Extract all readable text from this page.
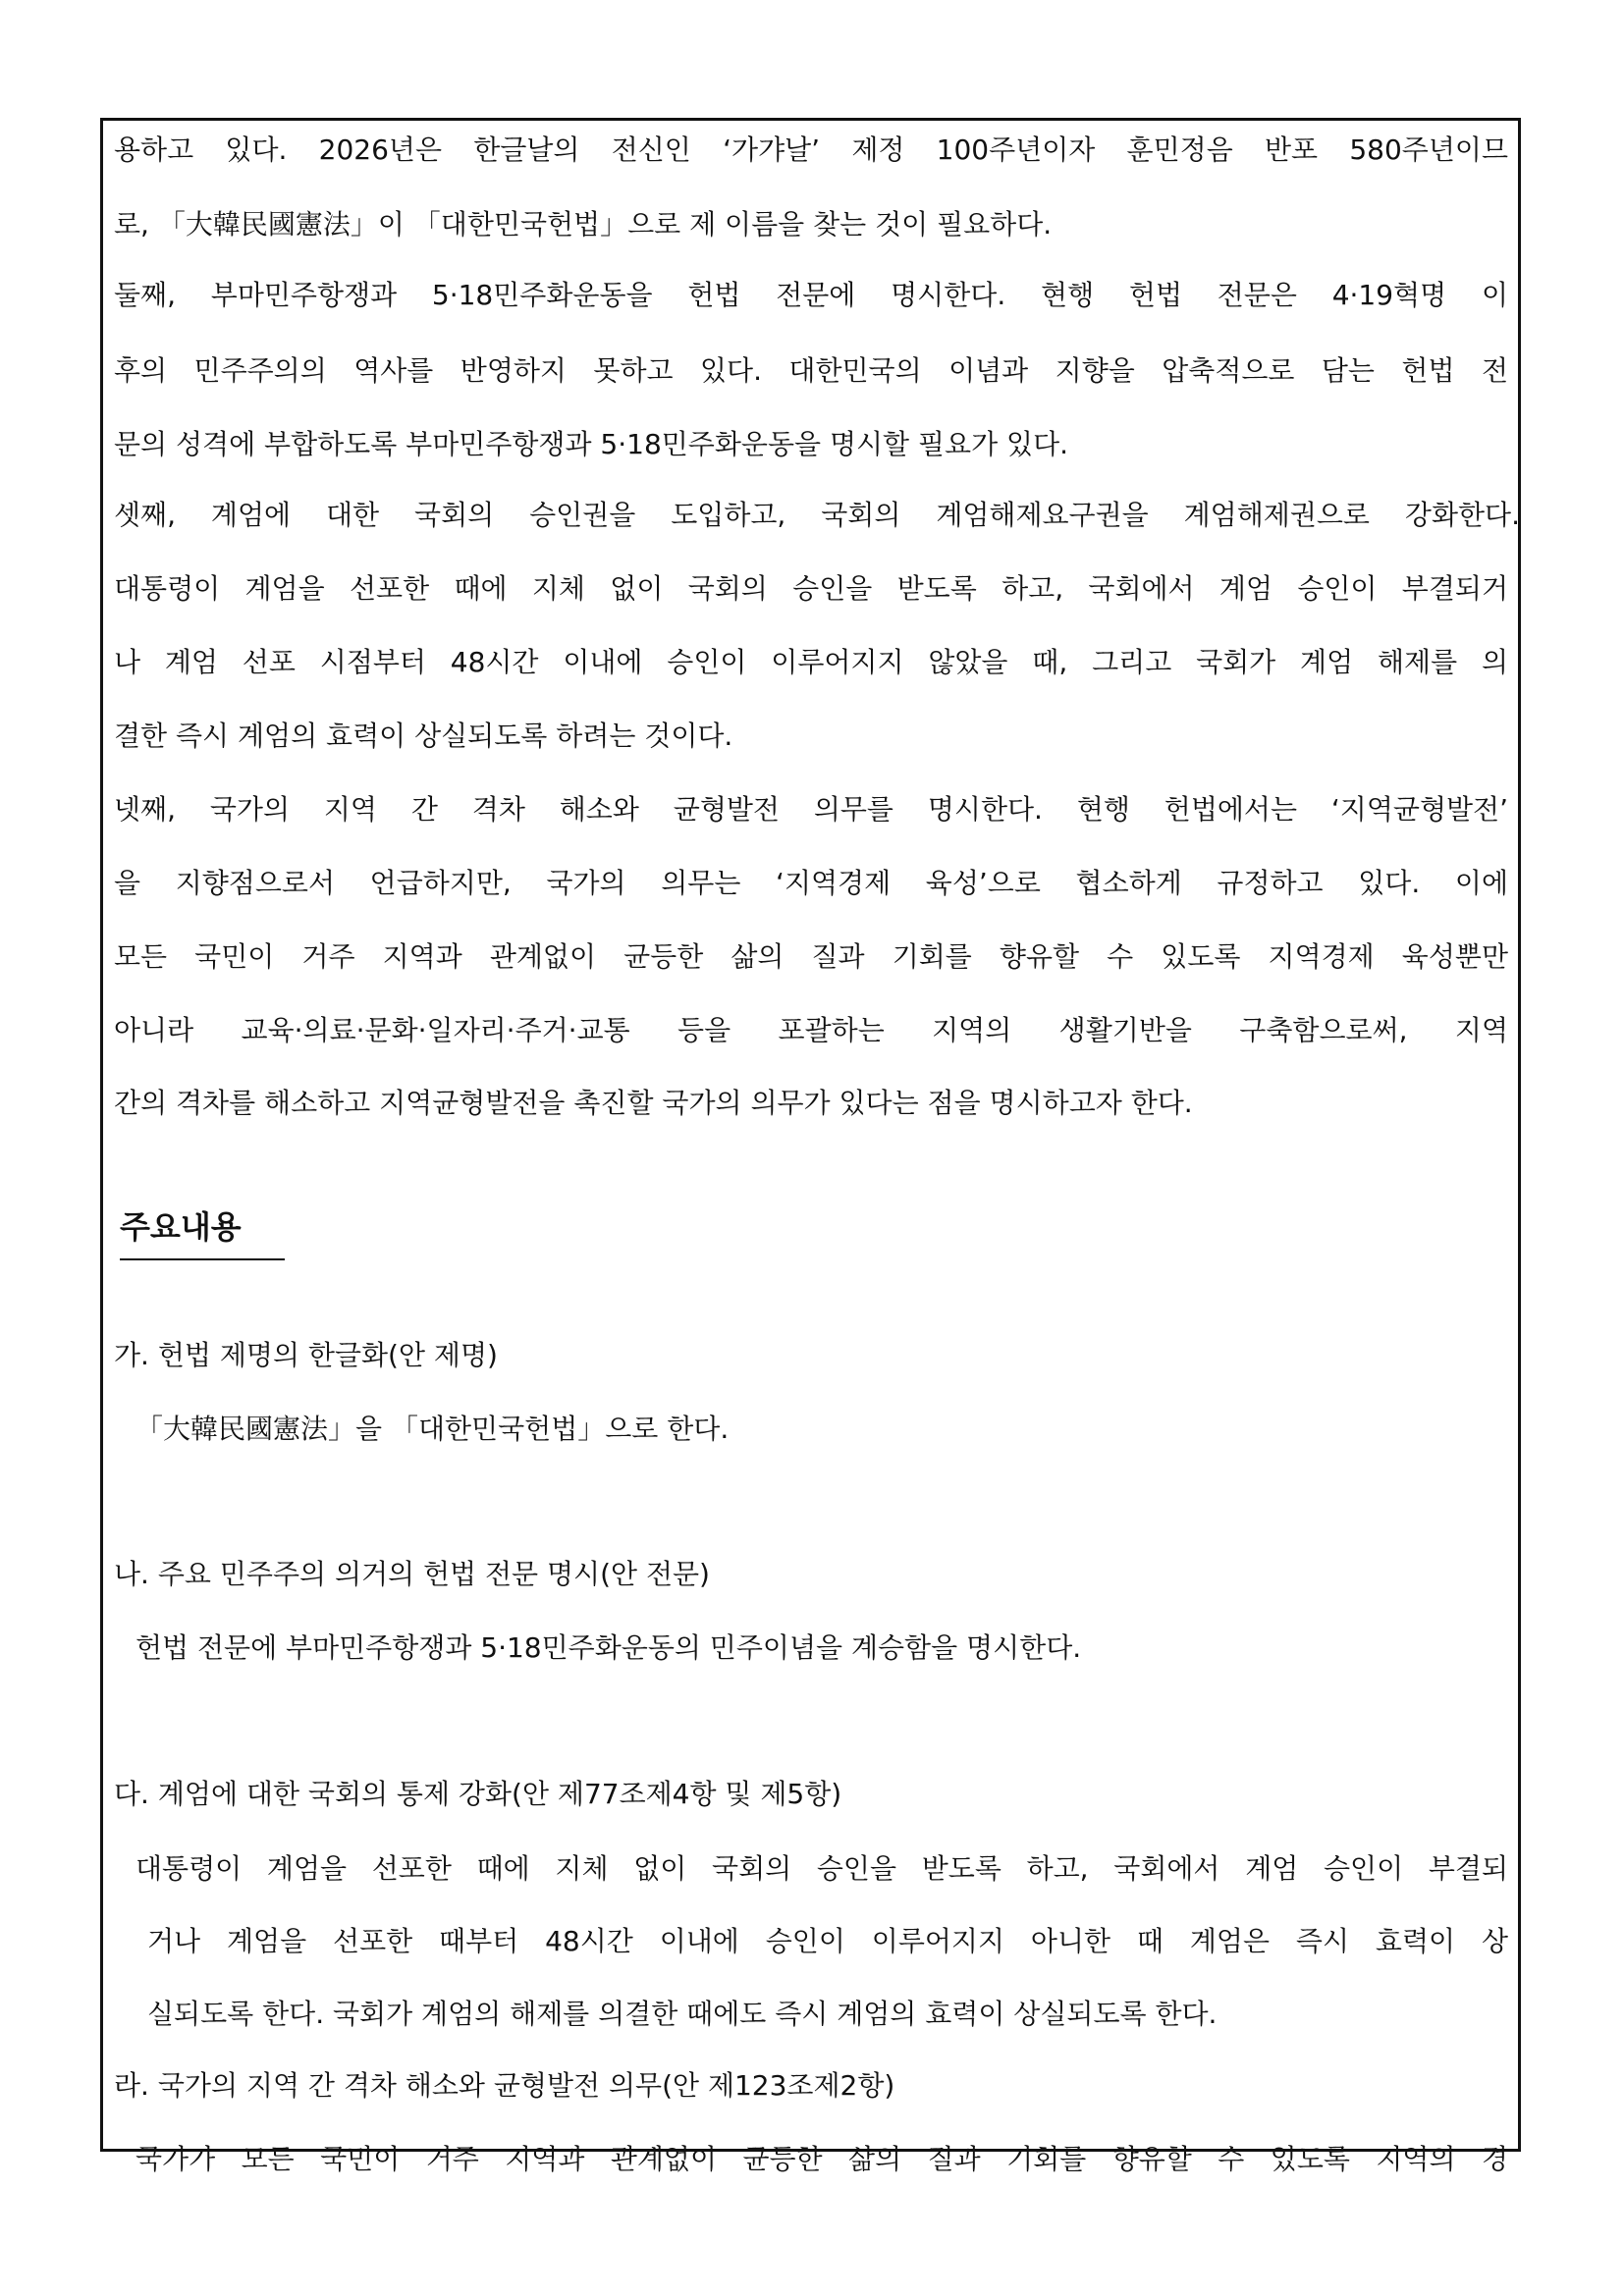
용하고 있다. 2026년은 한글날의 전신인 ‘가갸날’ 제정 100주년이자 훈민정음 반포 580주년이므

로, 「大韓民國憲法」이 「대한민국헌법」으로 제 이름을 찾는 것이 필요하다.

둘째, 부마민주항쟁과 5·18민주화운동을 헌법 전문에 명시한다. 현행 헌법 전문은 4·19혁명 이

후의 민주주의의 역사를 반영하지 못하고 있다. 대한민국의 이념과 지향을 압축적으로 담는 헌법 전

문의 성격에 부합하도록 부마민주항쟁과 5·18민주화운동을 명시할 필요가 있다.

셋째, 계엄에 대한 국회의 승인권을 도입하고, 국회의 계엄해제요구권을 계엄해제권으로 강화한다.

대통령이 계엄을 선포한 때에 지체 없이 국회의 승인을 받도록 하고, 국회에서 계엄 승인이 부결되거

나 계엄 선포 시점부터 48시간 이내에 승인이 이루어지지 않았을 때, 그리고 국회가 계엄 해제를 의

결한 즉시 계엄의 효력이 상실되도록 하려는 것이다.

넷째, 국가의 지역 간 격차 해소와 균형발전 의무를 명시한다. 현행 헌법에서는 ‘지역균형발전’

을 지향점으로서 언급하지만, 국가의 의무는 ‘지역경제 육성’으로 협소하게 규정하고 있다. 이에

모든 국민이 거주 지역과 관계없이 균등한 삶의 질과 기회를 향유할 수 있도록 지역경제 육성뿐만

아니라 교육·의료·문화·일자리·주거·교통 등을 포괄하는 지역의 생활기반을 구축함으로써, 지역

간의 격차를 해소하고 지역균형발전을 촉진할 국가의 의무가 있다는 점을 명시하고자 한다.

주요내용

가. 헌법 제명의 한글화(안 제명)

「大韓民國憲法」을 「대한민국헌법」으로 한다.

나. 주요 민주주의 의거의 헌법 전문 명시(안 전문)

헌법 전문에 부마민주항쟁과 5·18민주화운동의 민주이념을 계승함을 명시한다.

다. 계엄에 대한 국회의 통제 강화(안 제77조제4항 및 제5항)

대통령이 계엄을 선포한 때에 지체 없이 국회의 승인을 받도록 하고, 국회에서 계엄 승인이 부결되

거나 계엄을 선포한 때부터 48시간 이내에 승인이 이루어지지 아니한 때 계엄은 즉시 효력이 상

실되도록 한다. 국회가 계엄의 해제를 의결한 때에도 즉시 계엄의 효력이 상실되도록 한다.

라. 국가의 지역 간 격차 해소와 균형발전 의무(안 제123조제2항)

국가가 모든 국민이 거주 지역과 관계없이 균등한 삶의 질과 기회를 향유할 수 있도록 지역의 경
